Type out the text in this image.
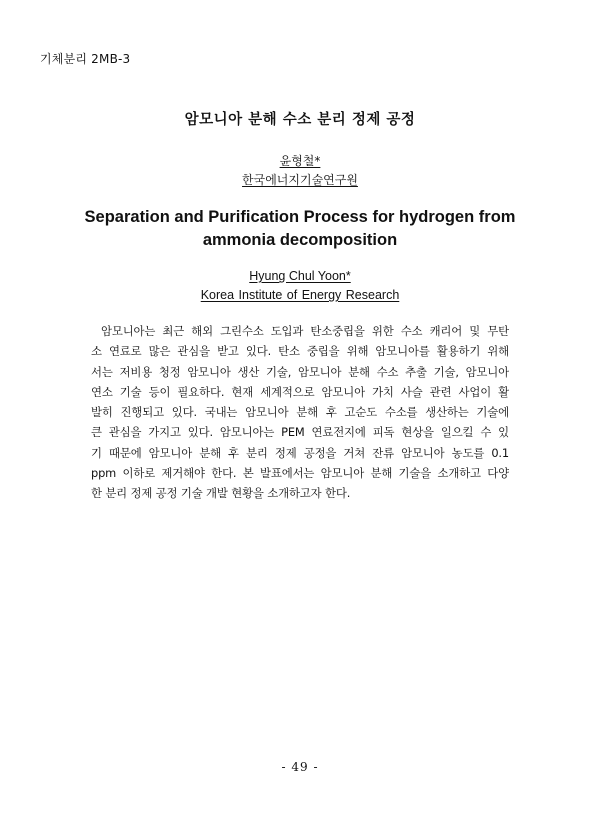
기체분리 2MB-3
암모니아 분해 수소 분리 정제 공정
윤형철*
한국에너지기술연구원
Separation and Purification Process for hydrogen from
ammonia decomposition
Hyung Chul Yoon*
Korea Institute of Energy Research
암모니아는 최근 해외 그린수소 도입과 탄소중립을 위한 수소 캐리어 및 무탄
소 연료로 많은 관심을 받고 있다. 탄소 중립을 위해 암모니아를 활용하기 위해
서는 저비용 청정 암모니아 생산 기술, 암모니아 분해 수소 추출 기술, 암모니아
연소 기술 등이 필요하다. 현재 세계적으로 암모니아 가치 사슬 관련 사업이 활
발히 진행되고 있다. 국내는 암모니아 분해 후 고순도 수소를 생산하는 기술에
큰 관심을 가지고 있다. 암모니아는 PEM 연료전지에 피독 현상을 일으킬 수 있
기 때문에 암모니아 분해 후 분리 정제 공정을 거쳐 잔류 암모니아 농도를 0.1
ppm 이하로 제거해야 한다. 본 발표에서는 암모니아 분해 기술을 소개하고 다양
한 분리 정제 공정 기술 개발 현황을 소개하고자 한다.
- 49 -
